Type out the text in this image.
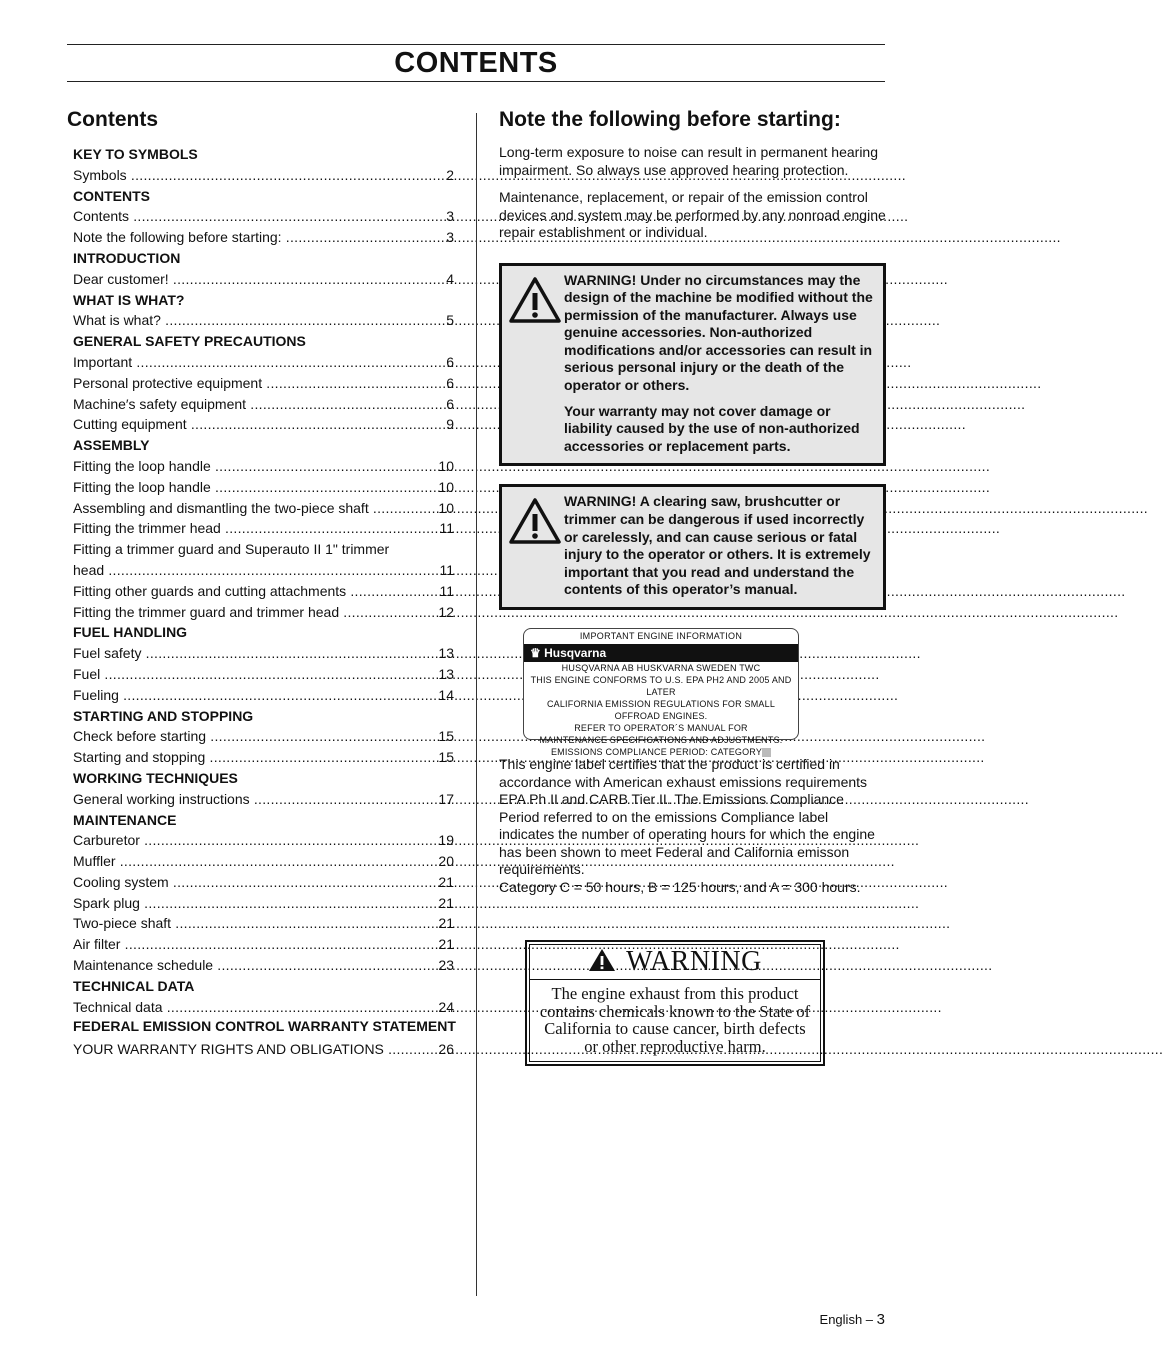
CONTENTS
Contents
KEY TO SYMBOLS
Symbols .....	2
CONTENTS
Contents .....	3
Note the following before starting: .....	3
INTRODUCTION
Dear customer! .....	4
WHAT IS WHAT?
What is what? .....	5
GENERAL SAFETY PRECAUTIONS
Important .....	6
Personal protective equipment .....	6
Machine′s safety equipment .....	6
Cutting equipment .....	9
ASSEMBLY
Fitting the loop handle .....	10
Fitting the loop handle .....	10
Assembling and dismantling the two-piece shaft .....	10
Fitting the trimmer head .....	11
Fitting a trimmer guard and Superauto II 1" trimmer
head .....	11
Fitting other guards and cutting attachments .....	11
Fitting the trimmer guard and trimmer head .....	12
FUEL HANDLING
Fuel safety .....	13
Fuel .....	13
Fueling .....	14
STARTING AND STOPPING
Check before starting .....	15
Starting and stopping .....	15
WORKING TECHNIQUES
General working instructions .....	17
MAINTENANCE
Carburetor .....	19
Muffler .....	20
Cooling system .....	21
Spark plug .....	21
Two-piece shaft .....	21
Air filter .....	21
Maintenance schedule .....	23
TECHNICAL DATA
Technical data .....	24
FEDERAL EMISSION CONTROL WARRANTY STATEMENT
YOUR WARRANTY RIGHTS AND OBLIGATIONS .....	26
Note the following before starting:

Long-term exposure to noise can result in permanent hearing impairment. So always use approved hearing protection.

Maintenance, replacement, or repair of the emission control devices and system may be performed by any nonroad engine repair establishment or individual.

WARNING! Under no circumstances may the design of the machine be modified without the permission of the manufacturer. Always use genuine accessories. Non-authorized modifications and/or accessories can result in serious personal injury or the death of the operator or others.

Your warranty may not cover damage or liability caused by the use of non-authorized accessories or replacement parts.

WARNING! A clearing saw, brushcutter or trimmer can be dangerous if used incorrectly or carelessly, and can cause serious or fatal injury to the operator or others. It is extremely important that you read and understand the contents of this operator’s manual.

IMPORTANT ENGINE INFORMATION
♛ Husqvarna
HUSQVARNA AB HUSKVARNA SWEDEN TWC
THIS ENGINE CONFORMS TO U.S. EPA PH2 AND 2005 AND LATER
CALIFORNIA EMISSION REGULATIONS FOR SMALL OFFROAD ENGINES.
REFER TO OPERATOR´S MANUAL FOR
MAINTENANCE SPECIFICATIONS AND ADJUSTMENTS.
EMISSIONS COMPLIANCE PERIOD: CATEGORY

This engine label certifies that the product is certified in accordance with American exhaust emissions requirements EPA Ph II and CARB Tier II. The Emissions Compliance Period referred to on the emissions Compliance label indicates the number of operating hours for which the engine has been shown to meet Federal and California emisson requirements.

Category C = 50 hours, B = 125 hours, and A = 300 hours.

WARNING
The engine exhaust from this product contains chemicals known to the State of California to cause cancer, birth defects or other reproductive harm.
English – 3
